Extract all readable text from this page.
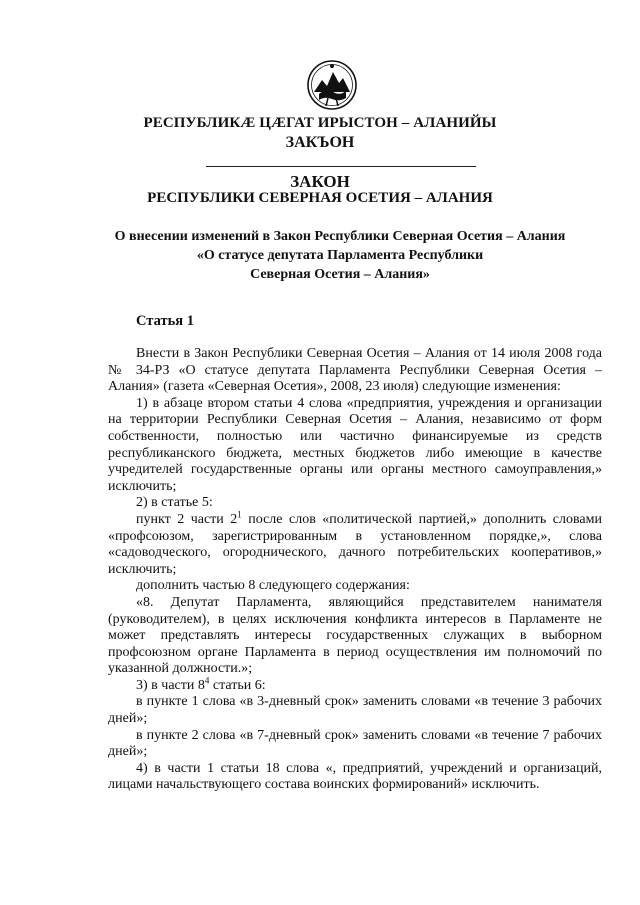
РЕСПУБЛИКӔ ЦӔГАТ ИРЫСТОН – АЛАНИЙЫ

ЗАКЪОН

ЗАКОН

РЕСПУБЛИКИ СЕВЕРНАЯ ОСЕТИЯ – АЛАНИЯ

О внесении изменений в Закон Республики Северная Осетия – Алания
«О статусе депутата Парламента Республики
Северная Осетия – Алания»
Статья 1

Внести в Закон Республики Северная Осетия – Алания от 14 июля 2008 года № 34-РЗ «О статусе депутата Парламента Республики Северная Осетия – Алания» (газета «Северная Осетия», 2008, 23 июля) следующие изменения:

1) в абзаце втором статьи 4 слова «предприятия, учреждения и организации на территории Республики Северная Осетия – Алания, независимо от форм собственности, полностью или частично финансируемые из средств республиканского бюджета, местных бюджетов либо имеющие в качестве учредителей государственные органы или органы местного самоуправления,» исключить;

2) в статье 5:

пункт 2 части $2^1$ после слов «политической партией,» дополнить словами «профсоюзом, зарегистрированным в установленном порядке,», слова «садоводческого, огороднического, дачного потребительских кооперативов,» исключить;

дополнить частью 8 следующего содержания:

«8. Депутат Парламента, являющийся представителем нанимателя (руководителем), в целях исключения конфликта интересов в Парламенте не может представлять интересы государственных служащих в выборном профсоюзном органе Парламента в период осуществления им полномочий по указанной должности.»;

3) в части $8^4$ статьи 6:

в пункте 1 слова «в 3-дневный срок» заменить словами «в течение 3 рабочих дней»;

в пункте 2 слова «в 7-дневный срок» заменить словами «в течение 7 рабочих дней»;

4) в части 1 статьи 18 слова «, предприятий, учреждений и организаций, лицами начальствующего состава воинских формирований» исключить.
